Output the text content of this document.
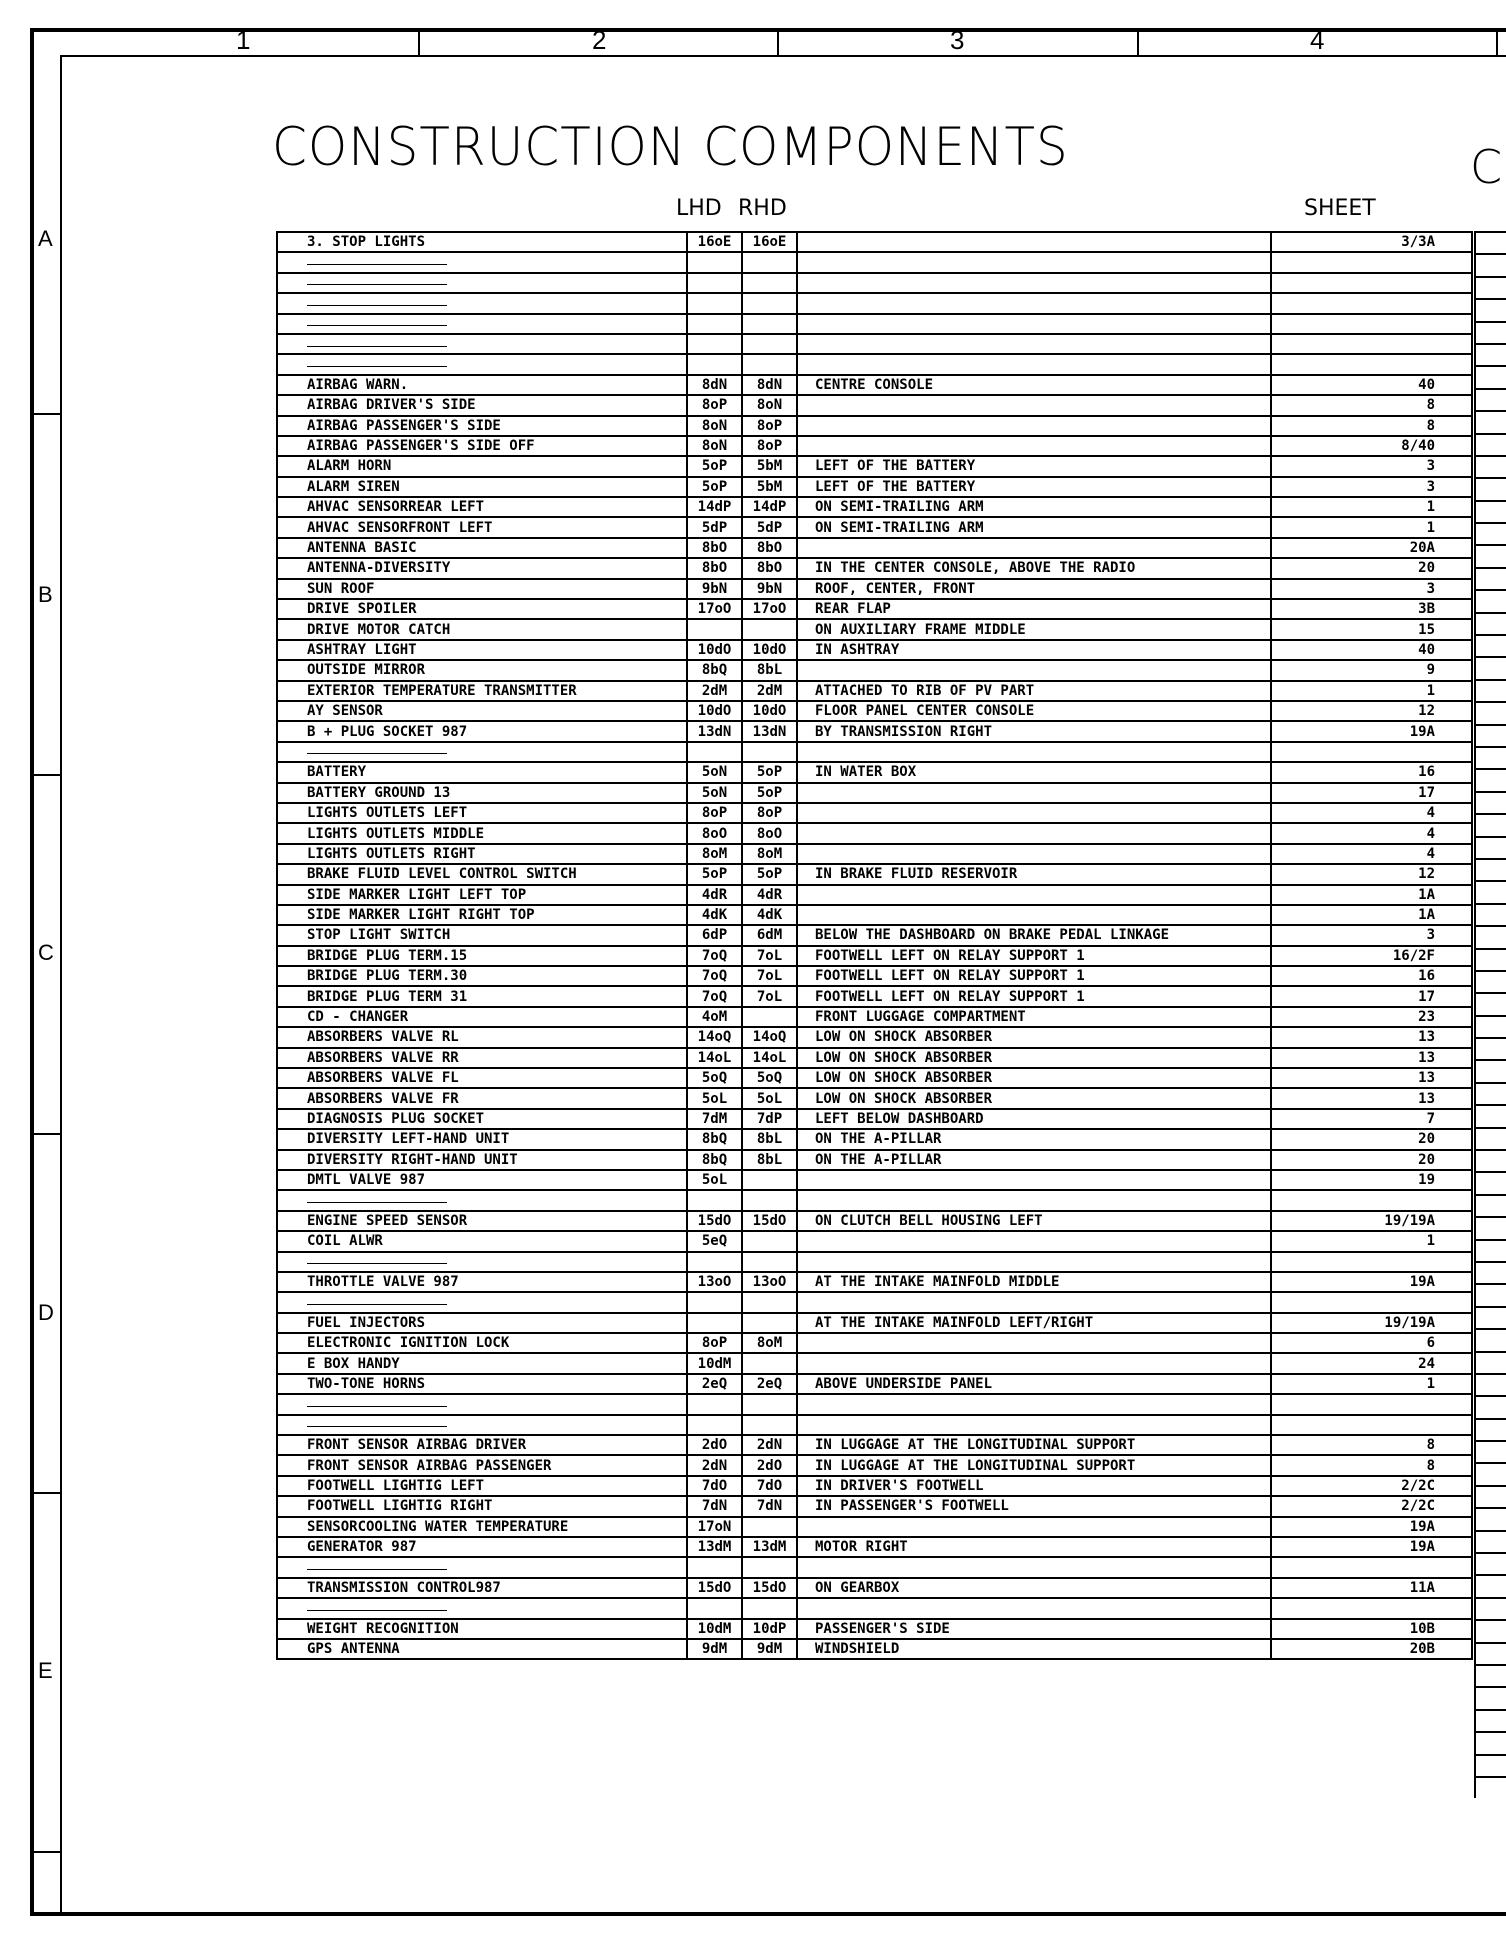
1	2	3	4
A
B
C
D
E
CONSTRUCTION COMPONENTS	C
LHD RHD	SHEET
3. STOP LIGHTS	16oE	16oE		3/3A

AIRBAG WARN.	8dN	8dN	CENTRE CONSOLE	40
AIRBAG DRIVER'S SIDE	8oP	8oN		8
AIRBAG PASSENGER'S SIDE	8oN	8oP		8
AIRBAG PASSENGER'S SIDE OFF	8oN	8oP		8/40
ALARM HORN	5oP	5bM	LEFT OF THE BATTERY	3
ALARM SIREN	5oP	5bM	LEFT OF THE BATTERY	3
AHVAC SENSORREAR LEFT	14dP	14dP	ON SEMI-TRAILING ARM	1
AHVAC SENSORFRONT LEFT	5dP	5dP	ON SEMI-TRAILING ARM	1
ANTENNA BASIC	8bO	8bO		20A
ANTENNA-DIVERSITY	8bO	8bO	IN THE CENTER CONSOLE, ABOVE THE RADIO	20
SUN ROOF	9bN	9bN	ROOF, CENTER, FRONT	3
DRIVE SPOILER	17oO	17oO	REAR FLAP	3B
DRIVE MOTOR CATCH			ON AUXILIARY FRAME MIDDLE	15
ASHTRAY LIGHT	10dO	10dO	IN ASHTRAY	40
OUTSIDE MIRROR	8bQ	8bL		9
EXTERIOR TEMPERATURE TRANSMITTER	2dM	2dM	ATTACHED TO RIB OF PV PART	1
AY SENSOR	10dO	10dO	FLOOR PANEL CENTER CONSOLE	12
B + PLUG SOCKET 987	13dN	13dN	BY TRANSMISSION RIGHT	19A

BATTERY	5oN	5oP	IN WATER BOX	16
BATTERY GROUND 13	5oN	5oP		17
LIGHTS OUTLETS LEFT	8oP	8oP		4
LIGHTS OUTLETS MIDDLE	8oO	8oO		4
LIGHTS OUTLETS RIGHT	8oM	8oM		4
BRAKE FLUID LEVEL CONTROL SWITCH	5oP	5oP	IN BRAKE FLUID RESERVOIR	12
SIDE MARKER LIGHT LEFT TOP	4dR	4dR		1A
SIDE MARKER LIGHT RIGHT TOP	4dK	4dK		1A
STOP LIGHT SWITCH	6dP	6dM	BELOW THE DASHBOARD ON BRAKE PEDAL LINKAGE	3
BRIDGE PLUG TERM.15	7oQ	7oL	FOOTWELL LEFT ON RELAY SUPPORT 1	16/2F
BRIDGE PLUG TERM.30	7oQ	7oL	FOOTWELL LEFT ON RELAY SUPPORT 1	16
BRIDGE PLUG TERM 31	7oQ	7oL	FOOTWELL LEFT ON RELAY SUPPORT 1	17
CD - CHANGER	4oM		FRONT LUGGAGE COMPARTMENT	23
ABSORBERS VALVE RL	14oQ	14oQ	LOW ON SHOCK ABSORBER	13
ABSORBERS VALVE RR	14oL	14oL	LOW ON SHOCK ABSORBER	13
ABSORBERS VALVE FL	5oQ	5oQ	LOW ON SHOCK ABSORBER	13
ABSORBERS VALVE FR	5oL	5oL	LOW ON SHOCK ABSORBER	13
DIAGNOSIS PLUG SOCKET	7dM	7dP	LEFT BELOW DASHBOARD	7
DIVERSITY LEFT-HAND UNIT	8bQ	8bL	ON THE A-PILLAR	20
DIVERSITY RIGHT-HAND UNIT	8bQ	8bL	ON THE A-PILLAR	20
DMTL VALVE 987	5oL			19

ENGINE SPEED SENSOR	15dO	15dO	ON CLUTCH BELL HOUSING LEFT	19/19A
COIL ALWR	5eQ			1

THROTTLE VALVE 987	13oO	13oO	AT THE INTAKE MAINFOLD MIDDLE	19A

FUEL INJECTORS			AT THE INTAKE MAINFOLD LEFT/RIGHT	19/19A
ELECTRONIC IGNITION LOCK	8oP	8oM		6
E BOX HANDY	10dM			24
TWO-TONE HORNS	2eQ	2eQ	ABOVE UNDERSIDE PANEL	1

FRONT SENSOR AIRBAG DRIVER	2dO	2dN	IN LUGGAGE AT THE LONGITUDINAL SUPPORT	8
FRONT SENSOR AIRBAG PASSENGER	2dN	2dO	IN LUGGAGE AT THE LONGITUDINAL SUPPORT	8
FOOTWELL LIGHTIG LEFT	7dO	7dO	IN DRIVER'S FOOTWELL	2/2C
FOOTWELL LIGHTIG RIGHT	7dN	7dN	IN PASSENGER'S FOOTWELL	2/2C
SENSORCOOLING WATER TEMPERATURE	17oN			19A
GENERATOR 987	13dM	13dM	MOTOR RIGHT	19A

TRANSMISSION CONTROL987	15dO	15dO	ON GEARBOX	11A

WEIGHT RECOGNITION	10dM	10dP	PASSENGER'S SIDE	10B
GPS ANTENNA	9dM	9dM	WINDSHIELD	20B
